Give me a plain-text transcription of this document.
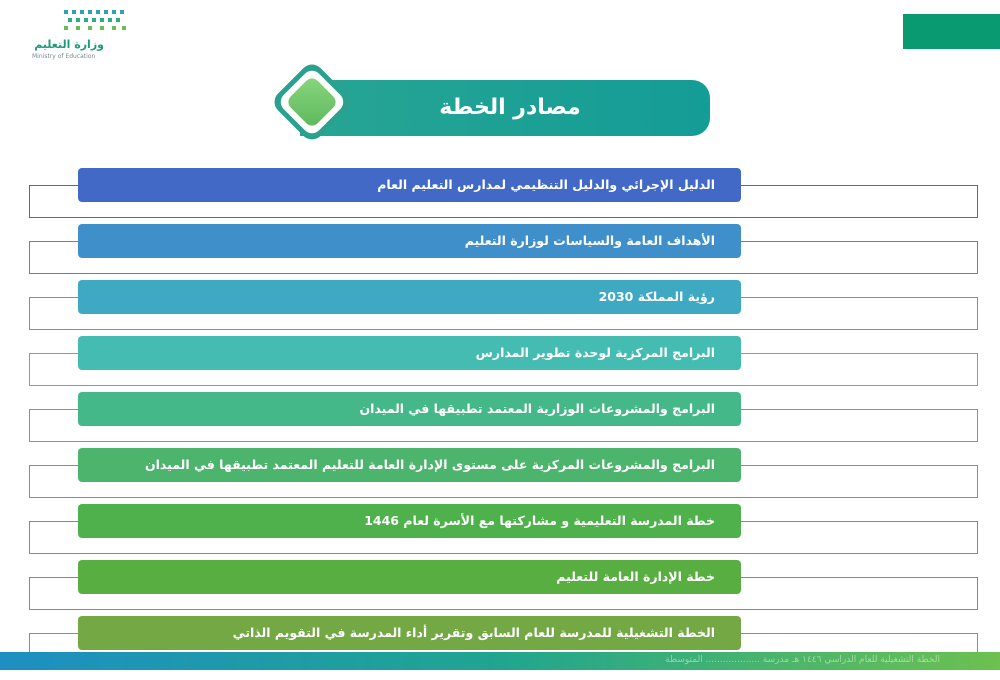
وزارة التعليم
Ministry of Education
مصادر الخطة
الدليل الإجرائي والدليل التنظيمي لمدارس التعليم العام
الأهداف العامة والسياسات لوزارة التعليم
رؤية المملكة 2030
البرامج المركزية لوحدة تطوير المدارس
البرامج والمشروعات الوزارية المعتمد تطبيقها في الميدان
البرامج والمشروعات المركزية على مستوى الإدارة العامة للتعليم المعتمد تطبيقها في الميدان
خطة المدرسة التعليمية و مشاركتها مع الأسرة لعام 1446
خطة الإدارة العامة للتعليم
الخطة التشغيلية للمدرسة للعام السابق وتقرير أداء المدرسة في التقويم الذاتي
الخطة التشغيلية للعام الدراسي ١٤٤٦ هـ مدرسة ................... المتوسطة
